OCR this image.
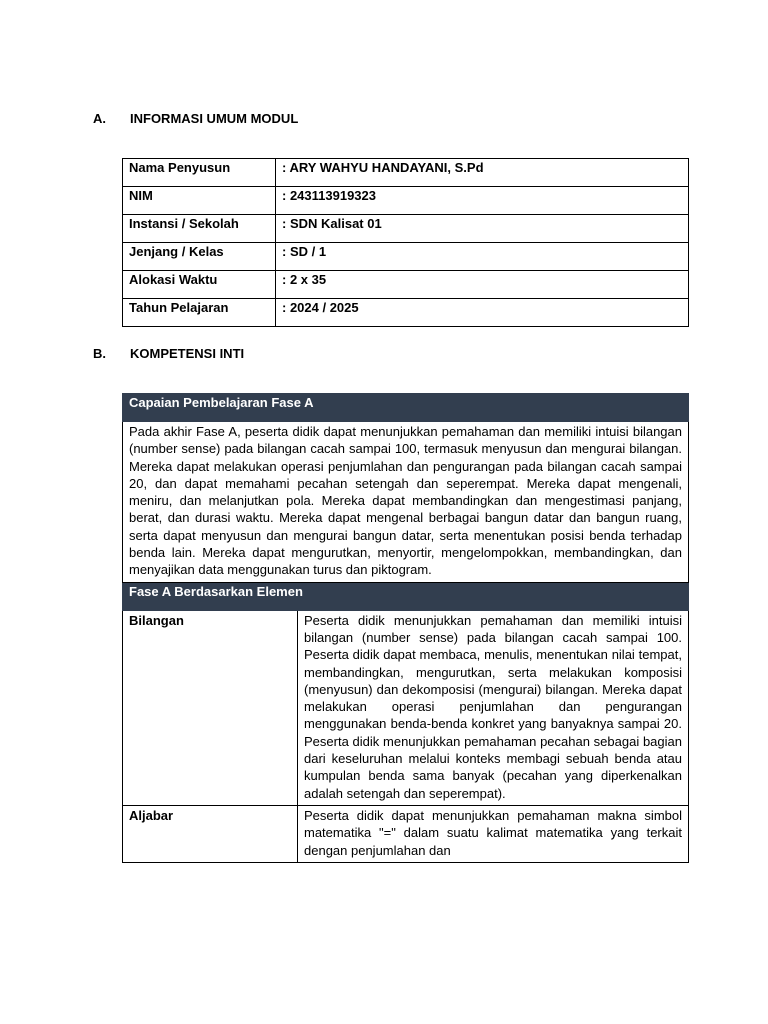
A. INFORMASI UMUM MODUL
Nama Penyusun	: ARY WAHYU HANDAYANI, S.Pd
NIM	: 243113919323
Instansi / Sekolah	: SDN Kalisat 01
Jenjang / Kelas	: SD / 1
Alokasi Waktu	: 2 x 35
Tahun Pelajaran	: 2024 / 2025
B. KOMPETENSI INTI
Capaian Pembelajaran Fase A	
Pada akhir Fase A, peserta didik dapat menunjukkan pemahaman dan memiliki intuisi bilangan (number sense) pada bilangan cacah sampai 100, termasuk menyusun dan mengurai bilangan. Mereka dapat melakukan operasi penjumlahan dan pengurangan pada bilangan cacah sampai 20, dan dapat memahami pecahan setengah dan seperempat. Mereka dapat mengenali, meniru, dan melanjutkan pola. Mereka dapat membandingkan dan mengestimasi panjang, berat, dan durasi waktu. Mereka dapat mengenal berbagai bangun datar dan bangun ruang, serta dapat menyusun dan mengurai bangun datar, serta menentukan posisi benda terhadap benda lain. Mereka dapat mengurutkan, menyortir, mengelompokkan, membandingkan, dan menyajikan data menggunakan turus dan piktogram.	
Fase A Berdasarkan Elemen	
Bilangan	Peserta didik menunjukkan pemahaman dan memiliki intuisi bilangan (number sense) pada bilangan cacah sampai 100. Peserta didik dapat membaca, menulis, menentukan nilai tempat, membandingkan, mengurutkan, serta melakukan komposisi (menyusun) dan dekomposisi (mengurai) bilangan. Mereka dapat melakukan operasi penjumlahan dan pengurangan menggunakan benda-benda konkret yang banyaknya sampai 20. Peserta didik menunjukkan pemahaman pecahan sebagai bagian dari keseluruhan melalui konteks membagi sebuah benda atau kumpulan benda sama banyak (pecahan yang diperkenalkan adalah setengah dan seperempat).
Aljabar	Peserta didik dapat menunjukkan pemahaman makna simbol matematika "=" dalam suatu kalimat matematika yang terkait dengan penjumlahan dan
